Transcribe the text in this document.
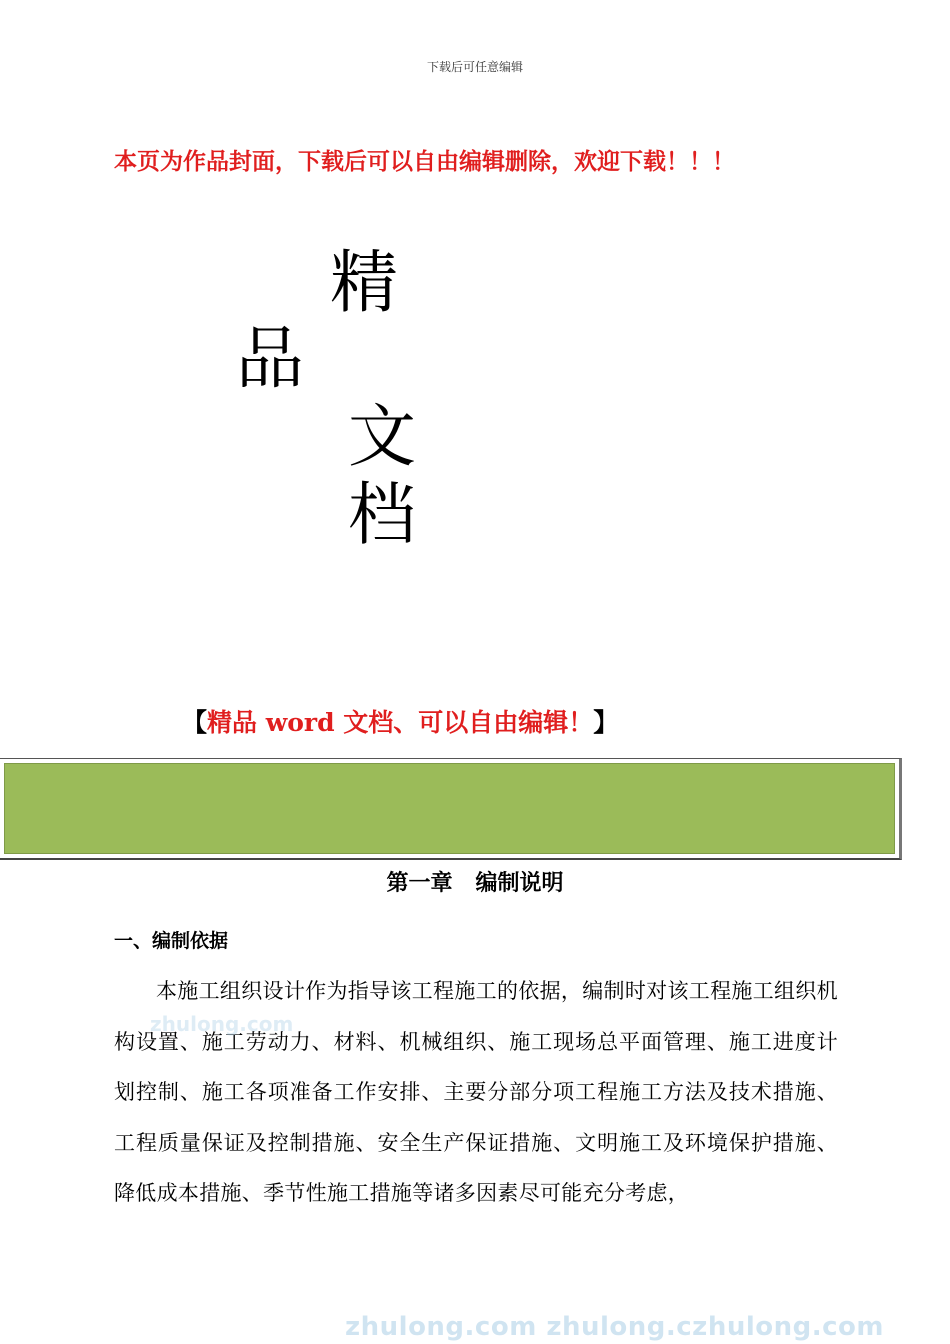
下载后可任意编辑
本页为作品封面，下载后可以自由编辑删除，欢迎下载！！！
精
品
文
档
【精品 word 文档、可以自由编辑！】
第一章   编制说明
一、编制依据
本施工组织设计作为指导该工程施工的依据，编制时对该工程施工组织机构设置、施工劳动力、材料、机械组织、施工现场总平面管理、施工进度计划控制、施工各项准备工作安排、主要分部分项工程施工方法及技术措施、工程质量保证及控制措施、安全生产保证措施、文明施工及环境保护措施、降低成本措施、季节性施工措施等诸多因素尽可能充分考虑，
zhulong.com
zhulong.com zhulong.czhulong.com
